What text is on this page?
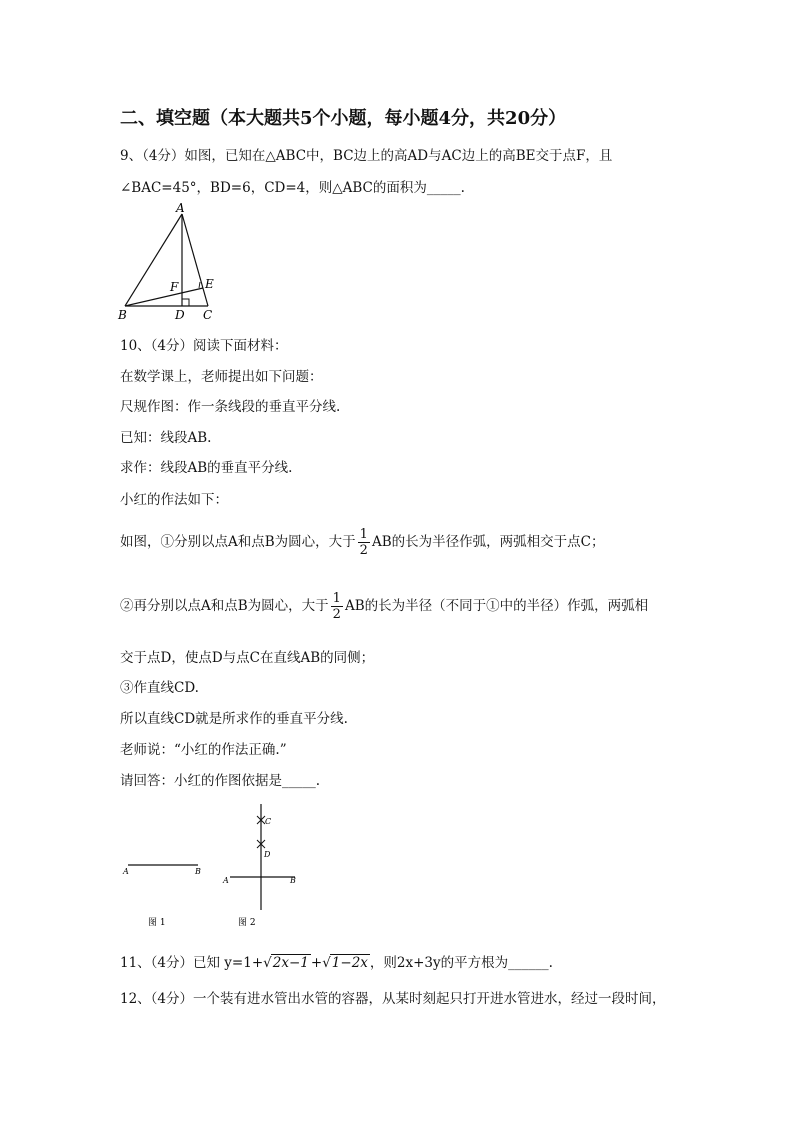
二、填空题（本大题共5个小题，每小题4分，共20分）
9、（4分）如图，已知在△ABC中，BC边上的高AD与AC边上的高BE交于点F，且
∠BAC=45°，BD=6，CD=4，则△ABC的面积为_____.
A
B	C
D
E
F
10、（4分）阅读下面材料：
在数学课上，老师提出如下问题：
尺规作图：作一条线段的垂直平分线.
已知：线段AB.
求作：线段AB的垂直平分线.
小红的作法如下：
如图，①分别以点A和点B为圆心，大于 $\frac{1}{2}$ AB的长为半径作弧，两弧相交于点C；
②再分别以点A和点B为圆心，大于 $\frac{1}{2}$ AB的长为半径（不同于①中的半径）作弧，两弧相
交于点D，使点D与点C在直线AB的同侧；
③作直线CD.
所以直线CD就是所求作的垂直平分线.
老师说：“小红的作法正确.”
请回答：小红的作图依据是_____.
A	B
图 1
C
D
A	B
图 2
11、（4分）已知 y=1+√2x−1 +√1−2x ，则2x+3y的平方根为______.
12、（4分）一个装有进水管出水管的容器，从某时刻起只打开进水管进水，经过一段时间，
